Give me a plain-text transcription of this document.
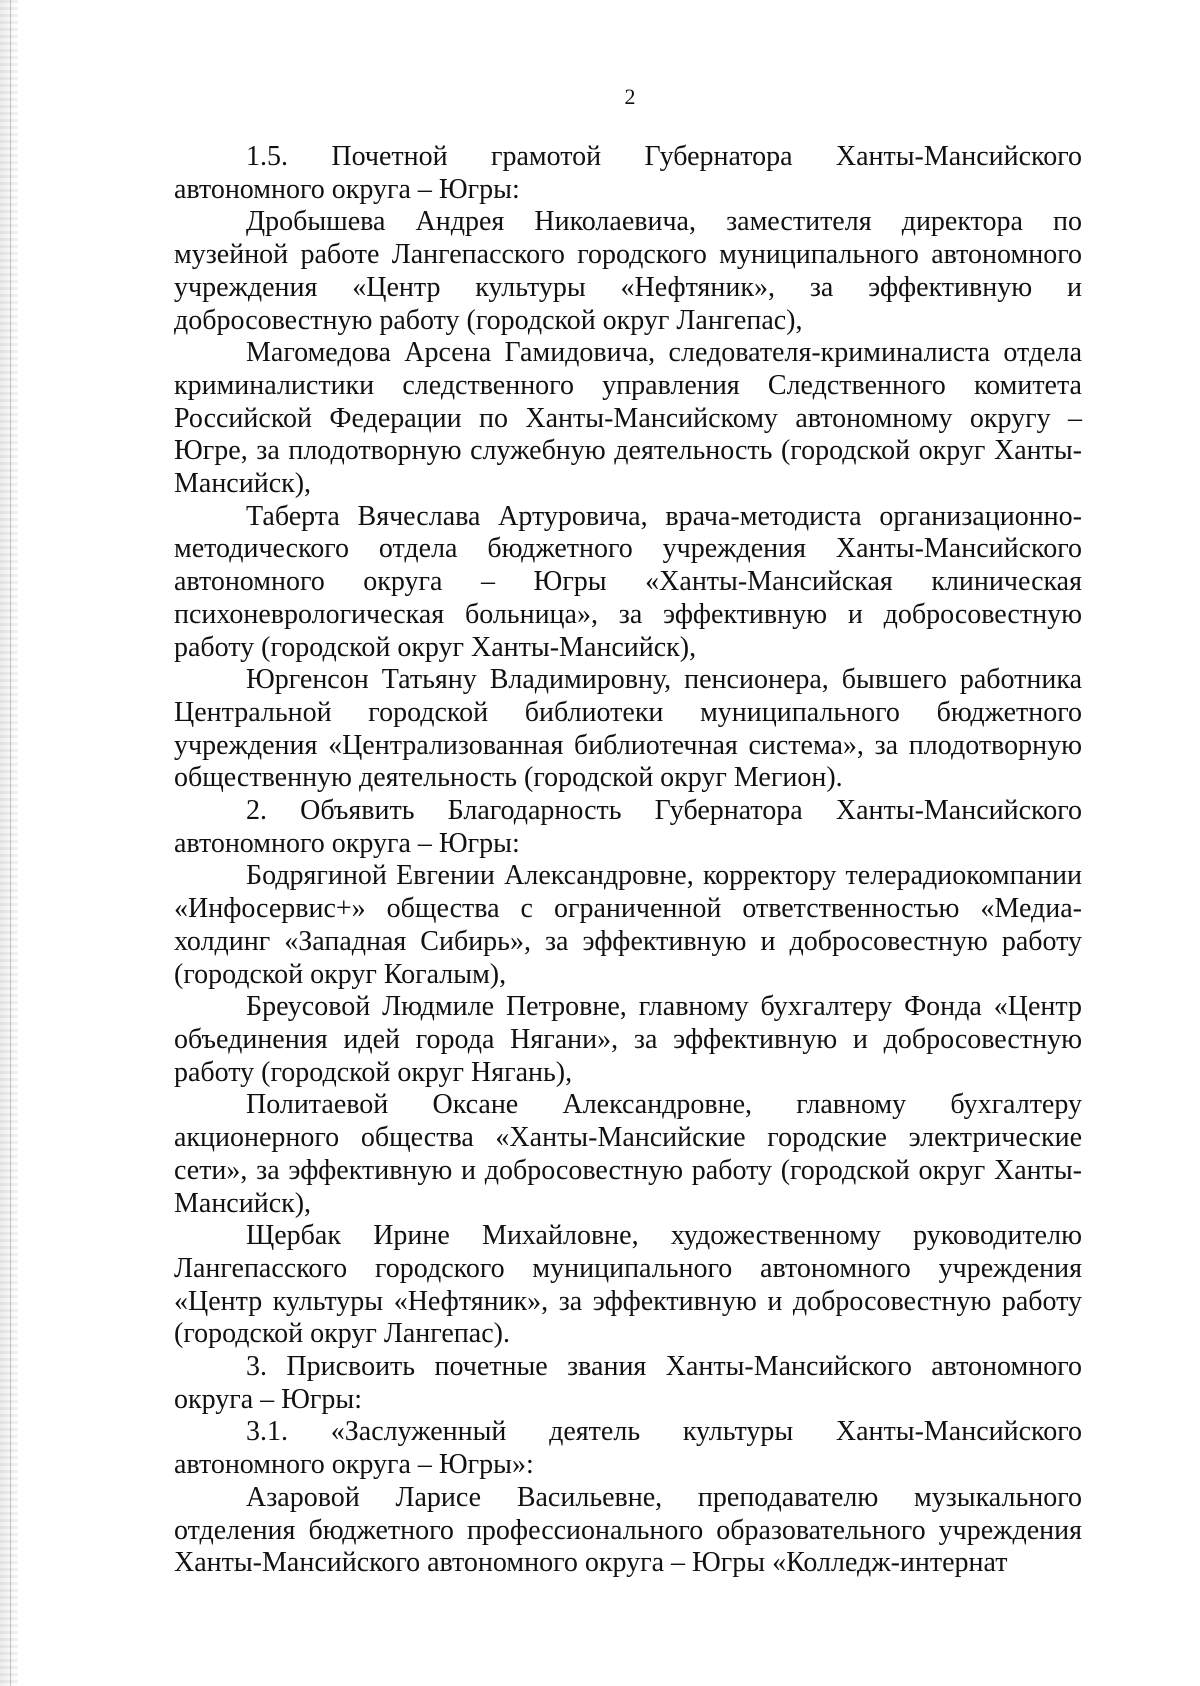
2

1.5. Почетной грамотой Губернатора Ханты-Мансийского автономного округа – Югры:

Дробышева Андрея Николаевича, заместителя директора по музейной работе Лангепасского городского муниципального автономного учреждения «Центр культуры «Нефтяник», за эффективную и добросовестную работу (городской округ Лангепас),

Магомедова Арсена Гамидовича, следователя-криминалиста отдела криминалистики следственного управления Следственного комитета Российской Федерации по Ханты-Мансийскому автономному округу – Югре, за плодотворную служебную деятельность (городской округ Ханты-Мансийск),

Таберта Вячеслава Артуровича, врача-методиста организационно-методического отдела бюджетного учреждения Ханты-Мансийского автономного округа – Югры «Ханты-Мансийская клиническая психоневрологическая больница», за эффективную и добросовестную работу (городской округ Ханты-Мансийск),

Юргенсон Татьяну Владимировну, пенсионера, бывшего работника Центральной городской библиотеки муниципального бюджетного учреждения «Централизованная библиотечная система», за плодотворную общественную деятельность (городской округ Мегион).

2. Объявить Благодарность Губернатора Ханты-Мансийского автономного округа – Югры:

Бодрягиной Евгении Александровне, корректору телерадиокомпании «Инфосервис+» общества с ограниченной ответственностью «Медиа-холдинг «Западная Сибирь», за эффективную и добросовестную работу (городской округ Когалым),

Бреусовой Людмиле Петровне, главному бухгалтеру Фонда «Центр объединения идей города Нягани», за эффективную и добросовестную работу (городской округ Нягань),

Политаевой Оксане Александровне, главному бухгалтеру акционерного общества «Ханты-Мансийские городские электрические сети», за эффективную и добросовестную работу (городской округ Ханты-Мансийск),

Щербак Ирине Михайловне, художественному руководителю Лангепасского городского муниципального автономного учреждения «Центр культуры «Нефтяник», за эффективную и добросовестную работу (городской округ Лангепас).

3. Присвоить почетные звания Ханты-Мансийского автономного округа – Югры:

3.1. «Заслуженный деятель культуры Ханты-Мансийского автономного округа – Югры»:

Азаровой Ларисе Васильевне, преподавателю музыкального отделения бюджетного профессионального образовательного учреждения Ханты-Мансийского автономного округа – Югры «Колледж-интернат
